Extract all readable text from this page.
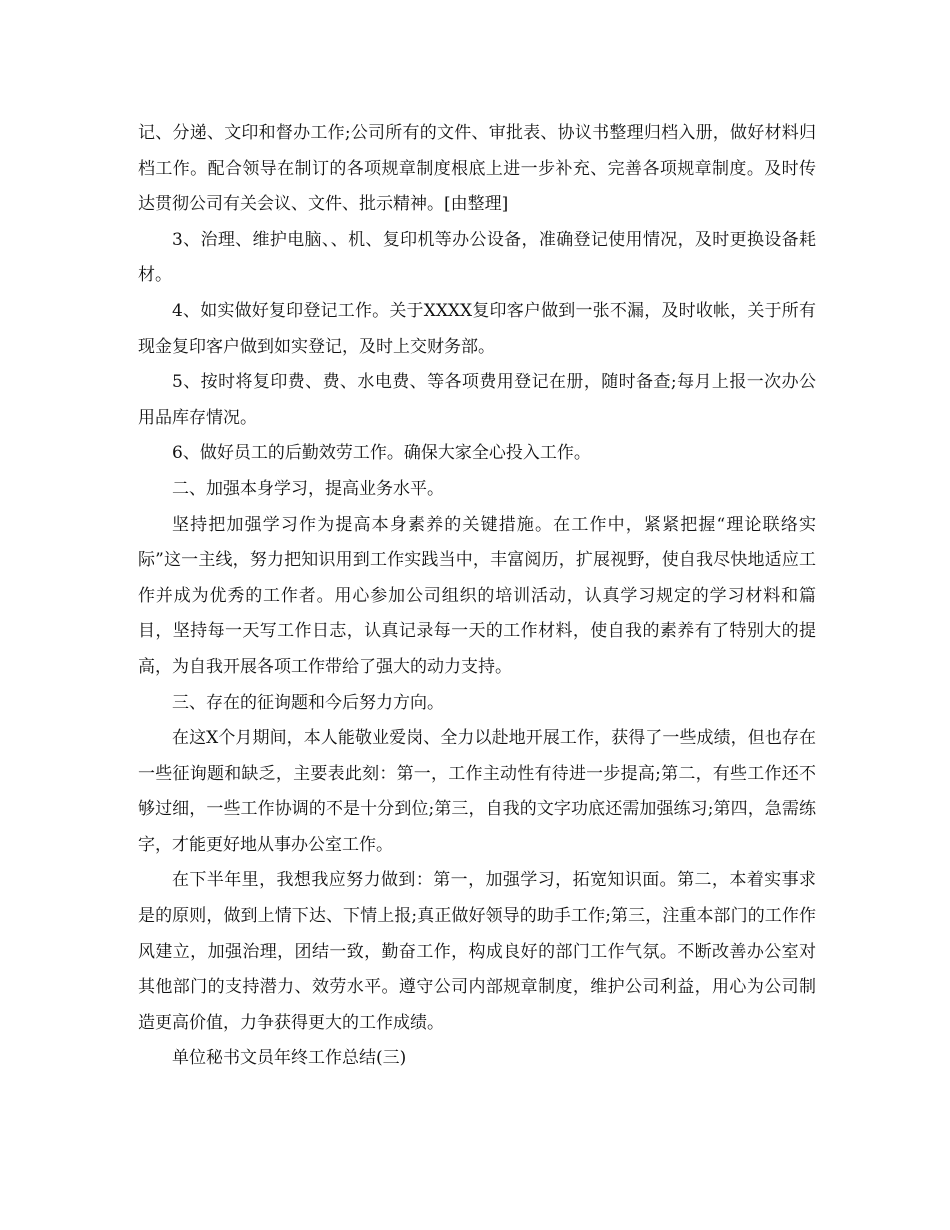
记、分递、文印和督办工作;公司所有的文件、审批表、协议书整理归档入册，做好材料归档工作。配合领导在制订的各项规章制度根底上进一步补充、完善各项规章制度。及时传达贯彻公司有关会议、文件、批示精神。[由整理]

3、治理、维护电脑、、机、复印机等办公设备，准确登记使用情况，及时更换设备耗材。

4、如实做好复印登记工作。关于XXXX复印客户做到一张不漏，及时收帐，关于所有现金复印客户做到如实登记，及时上交财务部。

5、按时将复印费、费、水电费、等各项费用登记在册，随时备查;每月上报一次办公用品库存情况。

6、做好员工的后勤效劳工作。确保大家全心投入工作。

二、加强本身学习，提高业务水平。

坚持把加强学习作为提高本身素养的关键措施。在工作中，紧紧把握“理论联络实际”这一主线，努力把知识用到工作实践当中，丰富阅历，扩展视野，使自我尽快地适应工作并成为优秀的工作者。用心参加公司组织的培训活动，认真学习规定的学习材料和篇目，坚持每一天写工作日志，认真记录每一天的工作材料，使自我的素养有了特别大的提高，为自我开展各项工作带给了强大的动力支持。

三、存在的征询题和今后努力方向。

在这X个月期间，本人能敬业爱岗、全力以赴地开展工作，获得了一些成绩，但也存在一些征询题和缺乏，主要表此刻：第一，工作主动性有待进一步提高;第二，有些工作还不够过细，一些工作协调的不是十分到位;第三，自我的文字功底还需加强练习;第四，急需练字，才能更好地从事办公室工作。

在下半年里，我想我应努力做到：第一，加强学习，拓宽知识面。第二，本着实事求是的原则，做到上情下达、下情上报;真正做好领导的助手工作;第三，注重本部门的工作作风建立，加强治理，团结一致，勤奋工作，构成良好的部门工作气氛。不断改善办公室对其他部门的支持潜力、效劳水平。遵守公司内部规章制度，维护公司利益，用心为公司制造更高价值，力争获得更大的工作成绩。

单位秘书文员年终工作总结(三)
